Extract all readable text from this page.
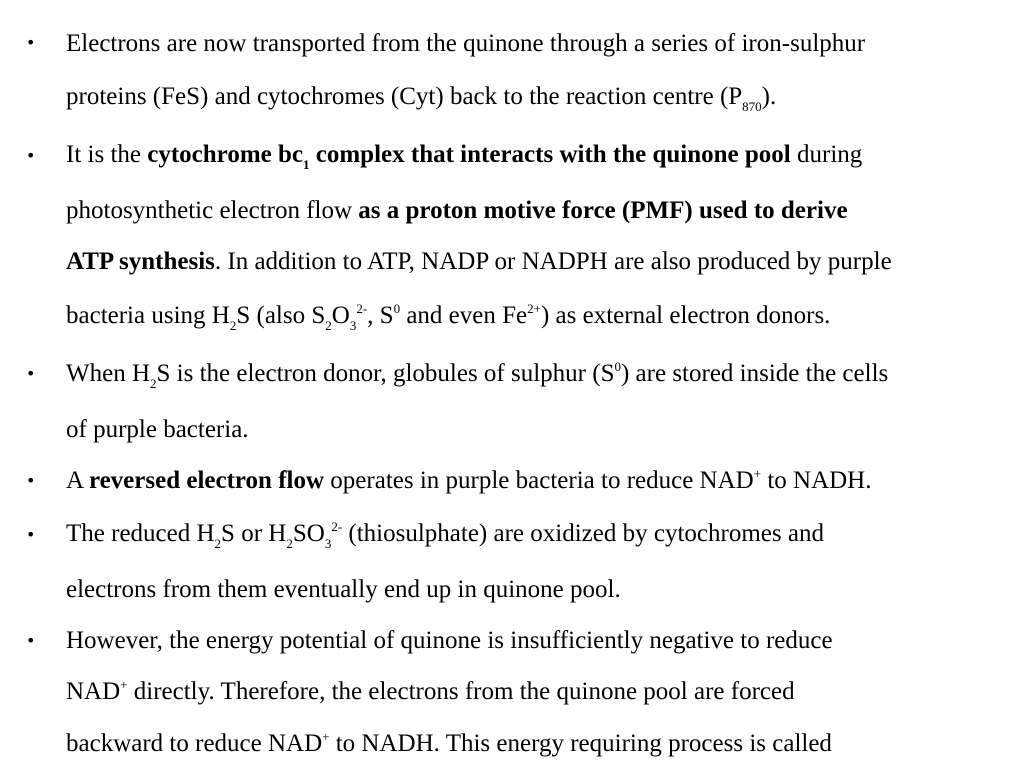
• Electrons are now transported from the quinone through a series of iron-sulphur
proteins (FeS) and cytochromes (Cyt) back to the reaction centre $(P_{870})$.
• It is the cytochrome $bc_1$ complex that interacts with the quinone pool during
photosynthetic electron flow as a proton motive force (PMF) used to derive
ATP synthesis. In addition to ATP, NADP or NADPH are also produced by purple
bacteria using $H_2S$ (also $S_2O_3^{2-}$, $S^0$ and even $Fe^{2+}$) as external electron donors.
• When $H_2S$ is the electron donor, globules of sulphur $(S^0)$ are stored inside the cells
of purple bacteria.
• A reversed electron flow operates in purple bacteria to reduce NAD+ to NADH.
• The reduced $H_2S$ or $H_2SO_3^{2-}$ (thiosulphate) are oxidized by cytochromes and
electrons from them eventually end up in quinone pool.
• However, the energy potential of quinone is insufficiently negative to reduce
NAD+ directly. Therefore, the electrons from the quinone pool are forced
backward to reduce NAD+ to NADH. This energy requiring process is called
